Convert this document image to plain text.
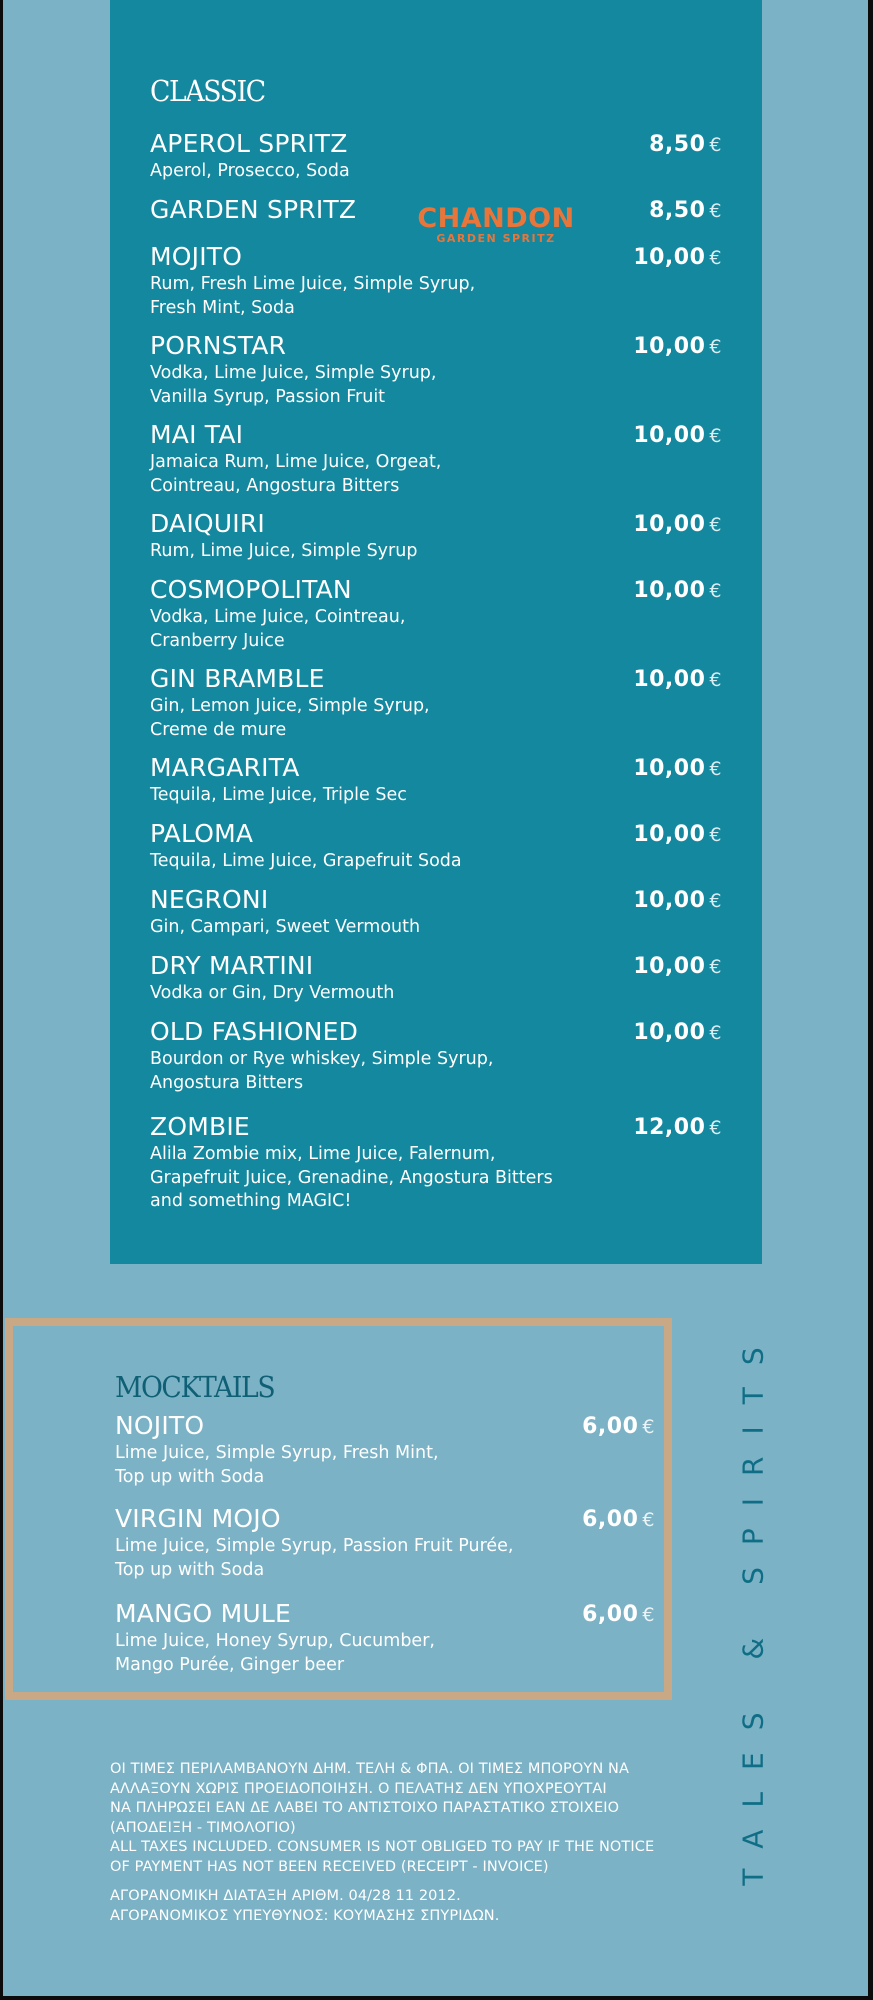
CLASSIC
CHANDON
GARDEN SPRITZ
APEROL SPRITZ	8,50 €
Aperol, Prosecco, Soda
GARDEN SPRITZ	8,50 €
MOJITO	10,00 €
Rum, Fresh Lime Juice, Simple Syrup,
Fresh Mint, Soda
PORNSTAR	10,00 €
Vodka, Lime Juice, Simple Syrup,
Vanilla Syrup, Passion Fruit
MAI TAI	10,00 €
Jamaica Rum, Lime Juice, Orgeat,
Cointreau, Angostura Bitters
DAIQUIRI	10,00 €
Rum, Lime Juice, Simple Syrup
COSMOPOLITAN	10,00 €
Vodka, Lime Juice, Cointreau,
Cranberry Juice
GIN BRAMBLE	10,00 €
Gin, Lemon Juice, Simple Syrup,
Creme de mure
MARGARITA	10,00 €
Tequila, Lime Juice, Triple Sec
PALOMA	10,00 €
Tequila, Lime Juice, Grapefruit Soda
NEGRONI	10,00 €
Gin, Campari, Sweet Vermouth
DRY MARTINI	10,00 €
Vodka or Gin, Dry Vermouth
OLD FASHIONED	10,00 €
Bourdon or Rye whiskey, Simple Syrup,
Angostura Bitters
ZOMBIE	12,00 €
Alila Zombie mix, Lime Juice, Falernum,
Grapefruit Juice, Grenadine, Angostura Bitters
and something MAGIC!
MOCKTAILS
NOJITO	6,00 €
Lime Juice, Simple Syrup, Fresh Mint,
Top up with Soda
VIRGIN MOJO	6,00 €
Lime Juice, Simple Syrup, Passion Fruit Purée,
Top up with Soda
MANGO MULE	6,00 €
Lime Juice, Honey Syrup, Cucumber,
Mango Purée, Ginger beer	TALES & SPIRITS

ΟΙ ΤΙΜΕΣ ΠΕΡΙΛΑΜΒΑΝΟΥΝ ΔΗΜ. ΤΕΛΗ & ΦΠΑ. ΟΙ ΤΙΜΕΣ ΜΠΟΡΟΥΝ ΝΑ

ΑΛΛΑΞΟΥΝ ΧΩΡΙΣ ΠΡΟΕΙΔΟΠΟΙΗΣΗ. Ο ΠΕΛΑΤΗΣ ΔΕΝ ΥΠΟΧΡΕΟΥΤΑΙ

ΝΑ ΠΛΗΡΩΣΕΙ ΕΑΝ ΔΕ ΛΑΒΕΙ ΤΟ ΑΝΤΙΣΤΟΙΧΟ ΠΑΡΑΣΤΑΤΙΚΟ ΣΤΟΙΧΕΙΟ

(ΑΠΟΔΕΙΞΗ - ΤΙΜΟΛΟΓΙΟ)

ALL TAXES INCLUDED. CONSUMER IS NOT OBLIGED TO PAY IF THE NOTICE

OF PAYMENT HAS NOT BEEN RECEIVED (RECEIPT - INVOICE)

ΑΓΟΡΑΝΟΜΙΚΗ ΔΙΑΤΑΞΗ ΑΡΙΘΜ. 04/28 11 2012.

ΑΓΟΡΑΝΟΜΙΚΟΣ ΥΠΕΥΘΥΝΟΣ: ΚΟΥΜΑΣΗΣ ΣΠΥΡΙΔΩΝ.
